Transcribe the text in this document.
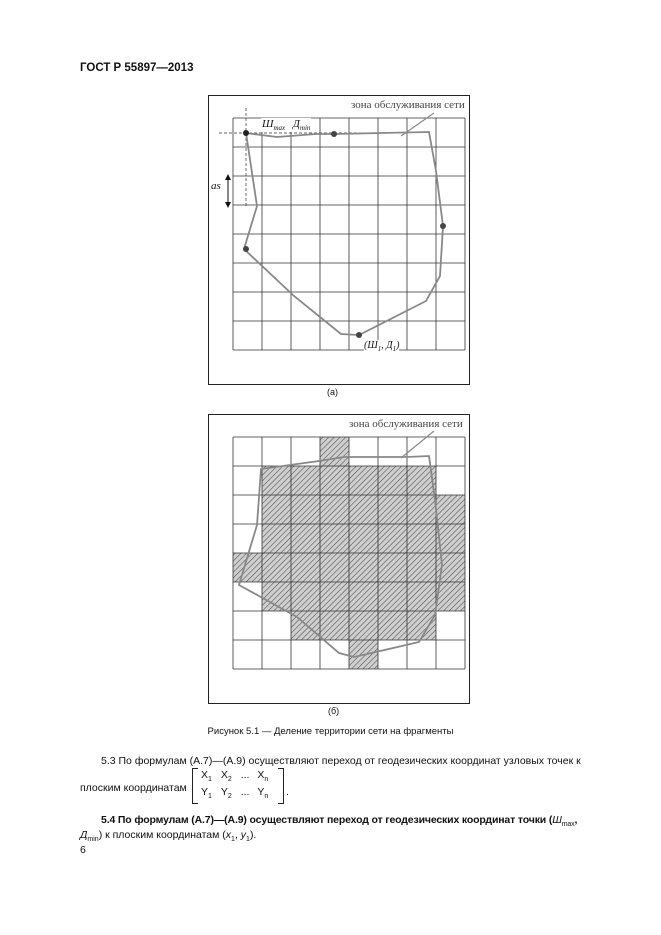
ГОСТ Р 55897—2013
зона обслуживания сети
as
$Ш_{max}$ $Д_{min}$
($Ш_1$, $Д_1$)
(а)
зона обслуживания сети
(б)
Рисунок 5.1 — Деление территории сети на фрагменты
5.3 По формулам (А.7)—(А.9) осуществляют переход от геодезических координат узловых точек к
плоским координатам
$X_1$ $X_2$ ... $X_n$
$Y_1$ $Y_2$ ... $Y_n$ .
5.4 По формулам (А.7)—(А.9) осуществляют переход от геодезических координат точки ($Ш_{max}$,
$Д_{min}$) к плоским координатам ($x_1$, $y_1$).
6
